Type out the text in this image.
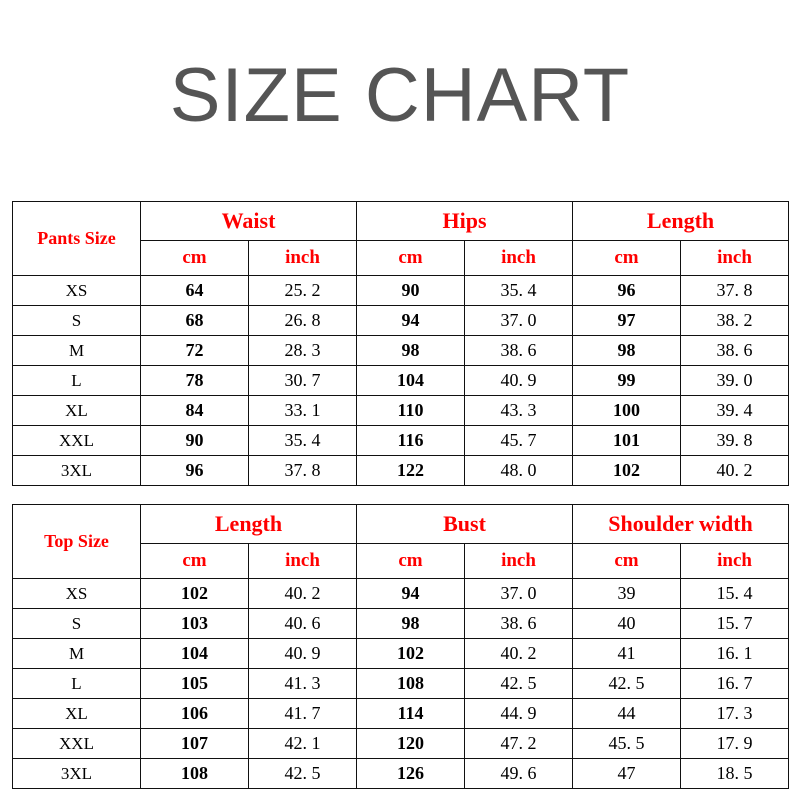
SIZE CHART
Pants Size	Waist		Hips		Length	
	cm	inch	cm	inch	cm	inch
XS	64	25. 2	90	35. 4	96	37. 8
S	68	26. 8	94	37. 0	97	38. 2
M	72	28. 3	98	38. 6	98	38. 6
L	78	30. 7	104	40. 9	99	39. 0
XL	84	33. 1	110	43. 3	100	39. 4
XXL	90	35. 4	116	45. 7	101	39. 8
3XL	96	37. 8	122	48. 0	102	40. 2
Top Size	Length		Bust		Shoulder width	
	cm	inch	cm	inch	cm	inch
XS	102	40. 2	94	37. 0	39	15. 4
S	103	40. 6	98	38. 6	40	15. 7
M	104	40. 9	102	40. 2	41	16. 1
L	105	41. 3	108	42. 5	42. 5	16. 7
XL	106	41. 7	114	44. 9	44	17. 3
XXL	107	42. 1	120	47. 2	45. 5	17. 9
3XL	108	42. 5	126	49. 6	47	18. 5
